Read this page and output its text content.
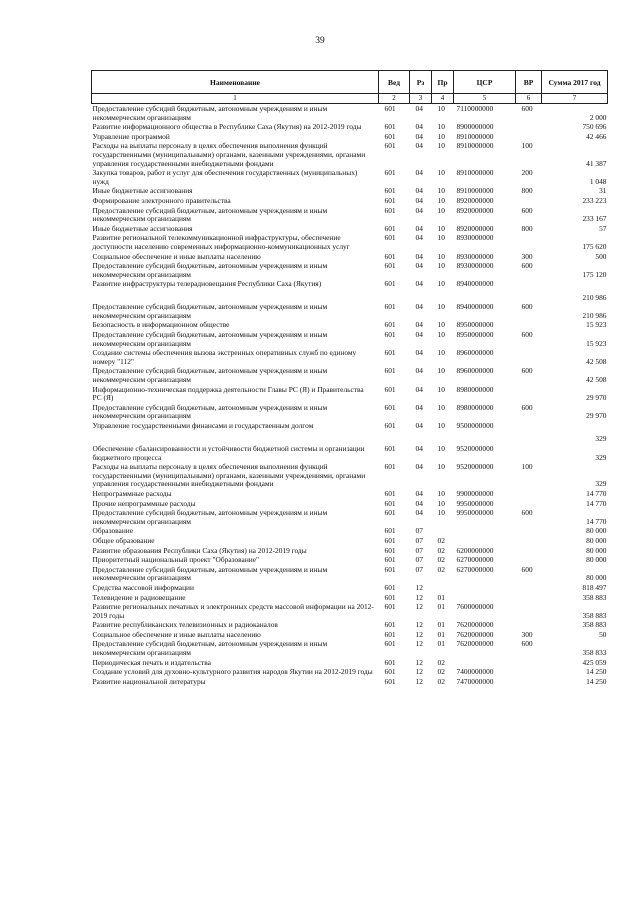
39
Наименование	Вед	Рз	Пр	ЦСР	ВР	Сумма 2017 год
1	2	3	4	5	6	7
Предоставление субсидий бюджетным, автономным учреждениям и иным некоммерческим организациям	601	04	10	7110000000	600	2 000
Развитие информационного общества в Республике Саха (Якутия) на 2012-2019 годы	601	04	10	8900000000		750 696
Управление программой	601	04	10	8910000000		42 466
Расходы на выплаты персоналу в целях обеспечения выполнения функций государственными (муниципальными) органами, казенными учреждениями, органами управления государственными внебюджетными фондами	601	04	10	8910000000	100	41 387
Закупка товаров, работ и услуг для обеспечения государственных (муниципальных) нужд	601	04	10	8910000000	200	1 048
Иные бюджетные ассигнования	601	04	10	8910000000	800	31
Формирование электронного правительства	601	04	10	8920000000		233 223
Предоставление субсидий бюджетным, автономным учреждениям и иным некоммерческим организациям	601	04	10	8920000000	600	233 167
Иные бюджетные ассигнования	601	04	10	8920000000	800	57
Развитие региональной телекоммуникационной инфраструктуры, обеспечение доступности населению современных информационно-коммуникационных услуг	601	04	10	8930000000		175 620
Социальное обеспечение и иные выплаты населению	601	04	10	8930000000	300	500
Предоставление субсидий бюджетным, автономным учреждениям и иным некоммерческим организациям	601	04	10	8930000000	600	175 120
Развитие инфраструктуры телерадиовещания Республики Саха (Якутия)	601	04	10	8940000000		210 986
Предоставление субсидий бюджетным, автономным учреждениям и иным некоммерческим организациям	601	04	10	8940000000	600	210 986
Безопасность в информационном обществе	601	04	10	8950000000		15 923
Предоставление субсидий бюджетным, автономным учреждениям и иным некоммерческим организациям	601	04	10	8950000000	600	15 923
Создание системы обеспечения вызова экстренных оперативных служб по единому номеру "112"	601	04	10	8960000000		42 508
Предоставление субсидий бюджетным, автономным учреждениям и иным некоммерческим организациям	601	04	10	8960000000	600	42 508
Информационно-техническая поддержка деятельности Главы РС (Я) и Правительства РС (Я)	601	04	10	8980000000		29 970
Предоставление субсидий бюджетным, автономным учреждениям и иным некоммерческим организациям	601	04	10	8980000000	600	29 970
Управление государственными финансами и государственным долгом	601	04	10	9500000000		329
Обеспечение сбалансированности и устойчивости бюджетной системы и организации бюджетного процесса	601	04	10	9520000000		329
Расходы на выплаты персоналу в целях обеспечения выполнения функций государственными (муниципальными) органами, казенными учреждениями, органами управления государственными внебюджетными фондами	601	04	10	9520000000	100	329
Непрограммные расходы	601	04	10	9900000000		14 770
Прочие непрограммные расходы	601	04	10	9950000000		14 770
Предоставление субсидий бюджетным, автономным учреждениям и иным некоммерческим организациям	601	04	10	9950000000	600	14 770
Образование	601	07				80 000
Общее образование	601	07	02			80 000
Развитие образования Республики Саха (Якутия) на 2012-2019 годы	601	07	02	6200000000		80 000
Приоритетный национальный проект "Образование"	601	07	02	6270000000		80 000
Предоставление субсидий бюджетным, автономным учреждениям и иным некоммерческим организациям	601	07	02	6270000000	600	80 000
Средства массовой информации	601	12				818 497
Телевидение и радиовещание	601	12	01			358 883
Развитие региональных печатных и электронных средств массовой информации на 2012-2019 годы	601	12	01	7600000000		358 883
Развитие республиканских телевизионных и радиоканалов	601	12	01	7620000000		358 883
Социальное обеспечение и иные выплаты населению	601	12	01	7620000000	300	50
Предоставление субсидий бюджетным, автономным учреждениям и иным некоммерческим организациям	601	12	01	7620000000	600	358 833
Периодическая печать и издательства	601	12	02			425 059
Создание условий для духовно-культурного развития народов Якутии на 2012-2019 годы	601	12	02	7400000000		14 250
Развитие национальной литературы	601	12	02	7470000000		14 250
